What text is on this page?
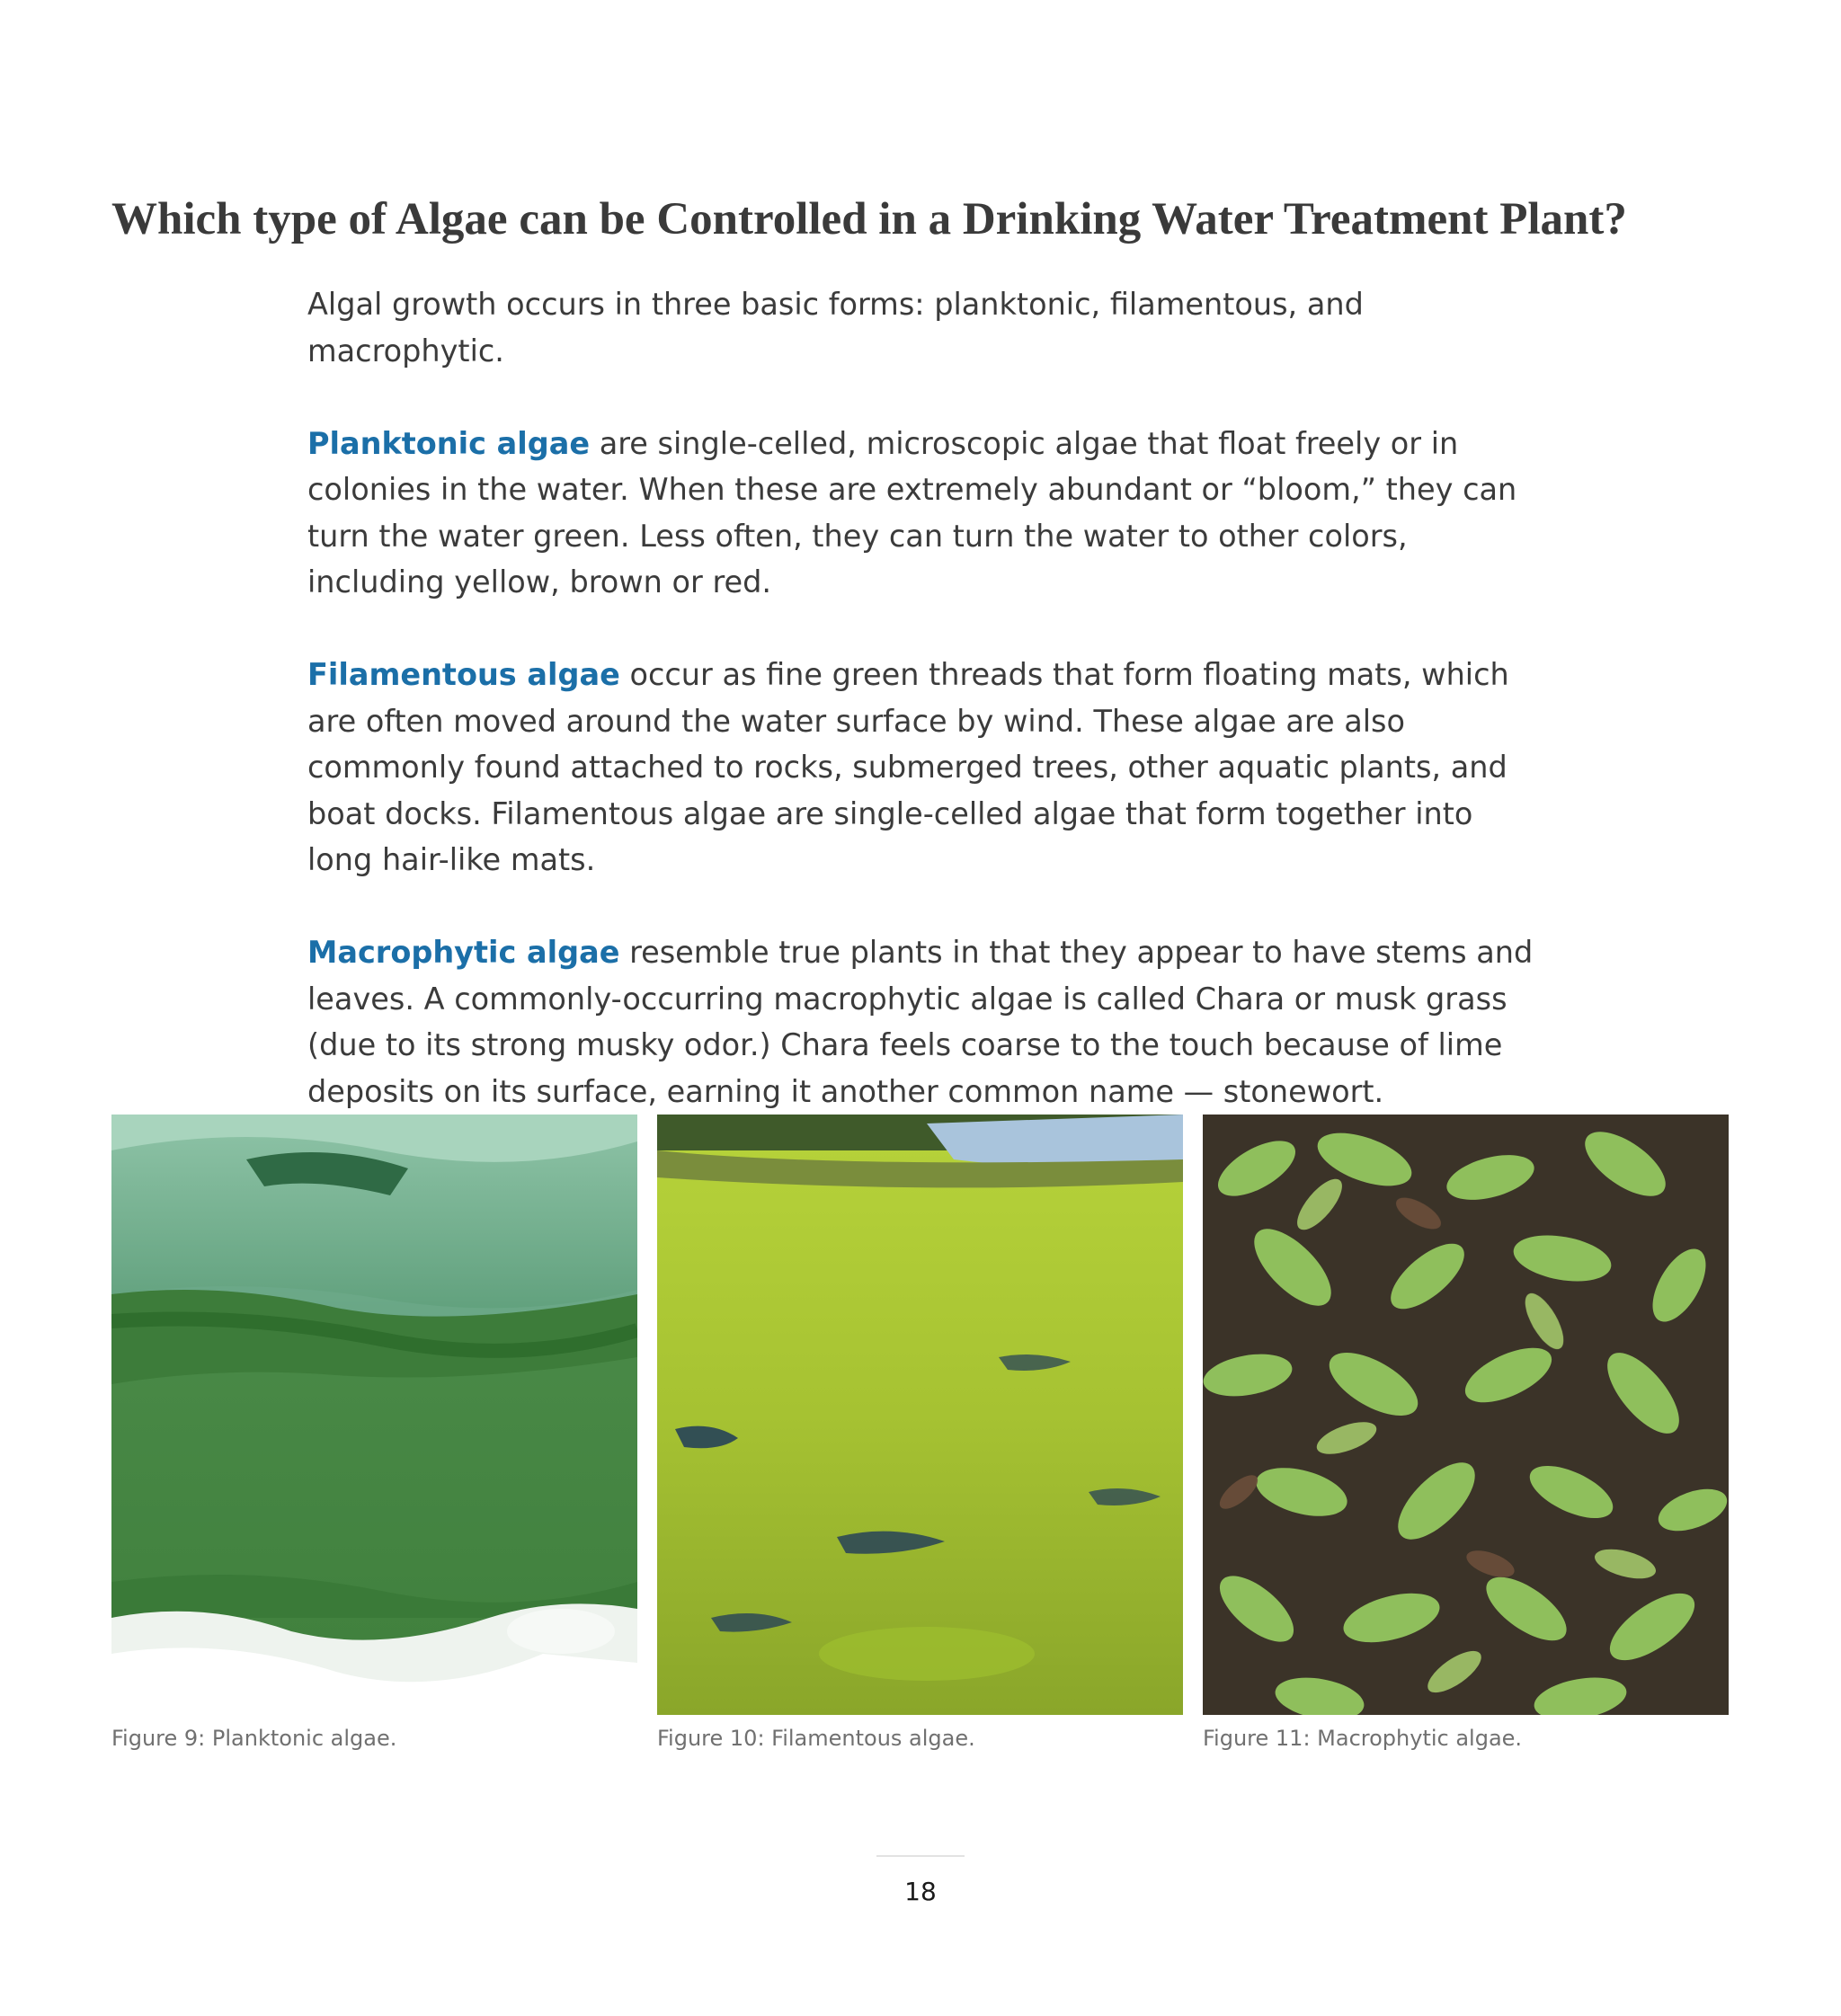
Which type of Algae can be Controlled in a Drinking Water Treatment Plant?

Algal growth occurs in three basic forms: planktonic, filamentous, and macrophytic.

Planktonic algae are single-celled, microscopic algae that float freely or in colonies in the water. When these are extremely abundant or “bloom,” they can turn the water green. Less often, they can turn the water to other colors, including yellow, brown or red.

Filamentous algae occur as fine green threads that form floating mats, which are often moved around the water surface by wind. These algae are also commonly found attached to rocks, submerged trees, other aquatic plants, and boat docks. Filamentous algae are single-celled algae that form together into long hair-like mats.

Macrophytic algae resemble true plants in that they appear to have stems and leaves. A commonly-occurring macrophytic algae is called Chara or musk grass (due to its strong musky odor.) Chara feels coarse to the touch because of lime deposits on its surface, earning it another common name — stonewort.

Figure 9: Planktonic algae.	Figure 10: Filamentous algae.	Figure 11: Macrophytic algae.
18
